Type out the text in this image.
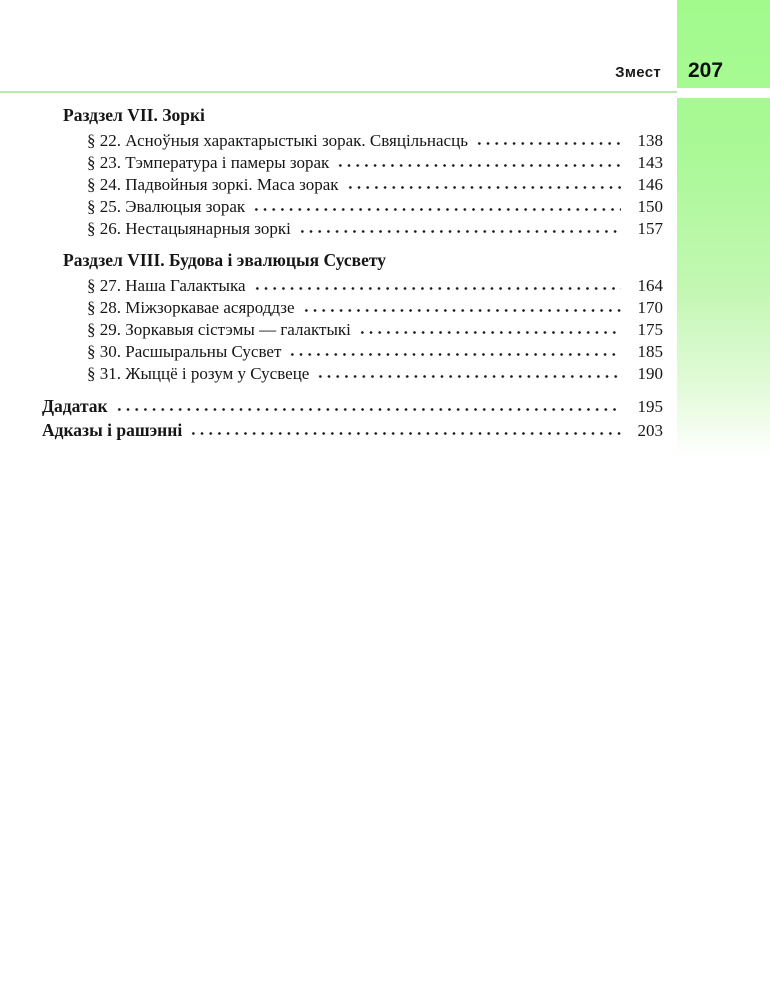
Змест 207
Раздзел VII. Зоркі
§ 22. Асноўныя характарыстыкі зорак. Свяцільнасць	138
§ 23. Тэмпература і памеры зорак	143
§ 24. Падвойныя зоркі. Маса зорак	146
§ 25. Эвалюцыя зорак	150
§ 26. Нестацыянарныя зоркі	157
Раздзел VIII. Будова і эвалюцыя Сусвету
§ 27. Наша Галактыка	164
§ 28. Міжзоркавае асяроддзе	170
§ 29. Зоркавыя сістэмы — галактыкі	175
§ 30. Расшыральны Сусвет	185
§ 31. Жыццё і розум у Сусвеце	190
Дадатак	195
Адказы і рашэнні	203
